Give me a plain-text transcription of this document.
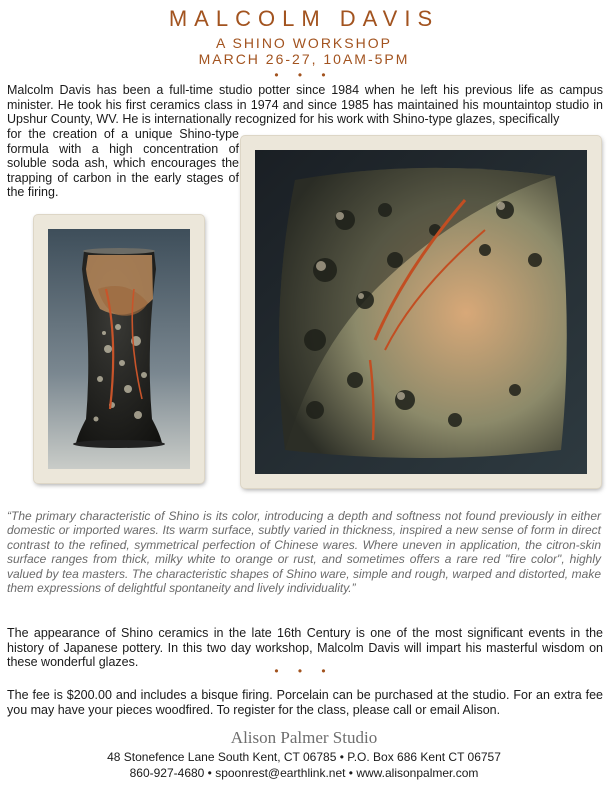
MALCOLM DAVIS
A SHINO WORKSHOP
MARCH 26-27, 10AM-5PM
• • •

Malcolm Davis has been a full-time studio potter since 1984 when he left his previous life as campus minister. He took his first ceramics class in 1974 and since 1985 has maintained his mountaintop studio in Upshur County, WV. He is internationally recognized for his work with Shino-type glazes, specifically

for the creation of a unique Shino-type formula with a high concentration of soluble soda ash, which encourages the trapping of carbon in the early stages of the firing.

“The primary characteristic of Shino is its color, introducing a depth and softness not found previously in either domestic or imported wares. Its warm surface, subtly varied in thickness, inspired a new sense of form in direct contrast to the refined, symmetrical perfection of Chinese wares. Where uneven in application, the citron-skin surface ranges from thick, milky white to orange or rust, and sometimes offers a rare red "fire color", highly valued by tea masters. The characteristic shapes of Shino ware, simple and rough, warped and distorted, make them expressions of delightful spontaneity and lively individuality.”

The appearance of Shino ceramics in the late 16th Century is one of the most significant events in the history of Japanese pottery. In this two day workshop, Malcolm Davis will impart his masterful wisdom on these wonderful glazes.

• • •

The fee is $200.00 and includes a bisque firing. Porcelain can be purchased at the studio. For an extra fee you may have your pieces woodfired. To register for the class, please call or email Alison.

Alison Palmer Studio
48 Stonefence Lane South Kent, CT 06785 • P.O. Box 686 Kent CT 06757
860-927-4680 • spoonrest@earthlink.net • www.alisonpalmer.com
